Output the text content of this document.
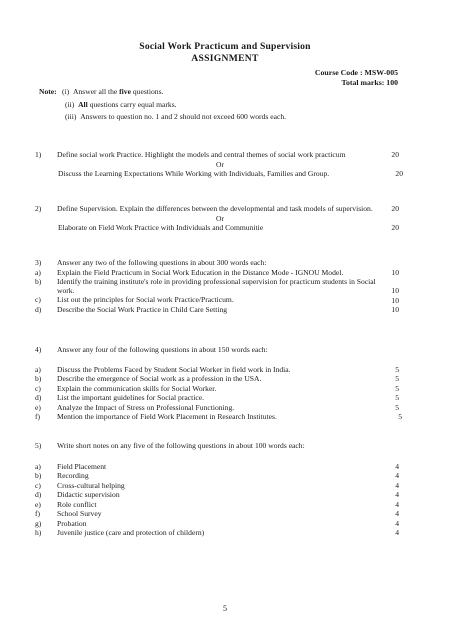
Social Work Practicum and Supervision
ASSIGNMENT
Course Code : MSW-005
Total marks: 100
Note: (i) Answer all the five questions.
(ii) All questions carry equal marks.
(iii) Answers to question no. 1 and 2 should not exceed 600 words each.
1) Define social work Practice. Highlight the models and central themes of social work practicum	20
Or
Discuss the Learning Expectations While Working with Individuals, Families and Group.	20
2) Define Supervision. Explain the differences between the developmental and task models of supervision.	20
Or
Elaborate on Field Work Practice with Individuals and Communitie	20
3) Answer any two of the following questions in about 300 words each:
a) Explain the Field Practicum in Social Work Education in the Distance Mode - IGNOU Model.	10
b) Identify the training institute's role in providing professional supervision for practicum students in Social work.	10
c) List out the principles for Social work Practice/Practicum.	10
d) Describe the Social Work Practice in Child Care Setting	10
4) Answer any four of the following questions in about 150 words each:
a) Discuss the Problems Faced by Student Social Worker in field work in India.	5
b) Describe the emergence of Social work as a profession in the USA.	5
c) Explain the communication skills for Social Worker.	5
d) List the important guidelines for Social practice.	5
e) Analyze the Impact of Stress on Professional Functioning.	5
f) Mention the importance of Field Work Placement in Research Institutes.	5
5) Write short notes on any five of the following questions in about 100 words each:
a) Field Placement	4
b) Recording	4
c) Cross-cultural helping	4
d) Didactic supervision	4
e) Role conflict	4
f) School Survey	4
g) Probation	4
h) Juvenile justice (care and protection of childern)	4
5
